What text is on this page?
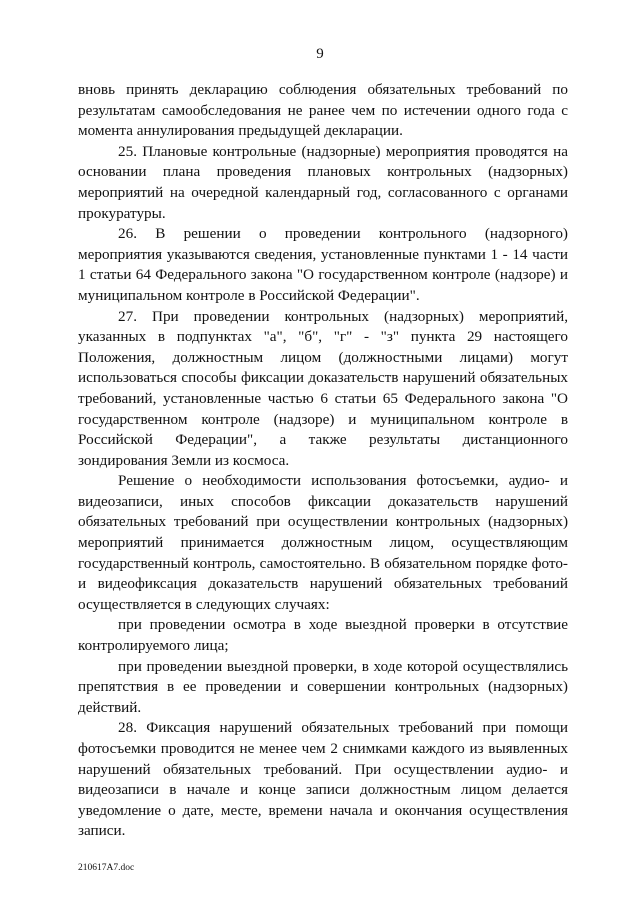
9

вновь принять декларацию соблюдения обязательных требований по результатам самообследования не ранее чем по истечении одного года с момента аннулирования предыдущей декларации.

25. Плановые контрольные (надзорные) мероприятия проводятся на основании плана проведения плановых контрольных (надзорных) мероприятий на очередной календарный год, согласованного с органами прокуратуры.

26. В решении о проведении контрольного (надзорного) мероприятия указываются сведения, установленные пунктами 1 - 14 части 1 статьи 64 Федерального закона "О государственном контроле (надзоре) и муниципальном контроле в Российской Федерации".

27. При проведении контрольных (надзорных) мероприятий, указанных в подпунктах "а", "б", "г" - "з" пункта 29 настоящего Положения, должностным лицом (должностными лицами) могут использоваться способы фиксации доказательств нарушений обязательных требований, установленные частью 6 статьи 65 Федерального закона "О государственном контроле (надзоре) и муниципальном контроле в Российской Федерации", а также результаты дистанционного зондирования Земли из космоса.

Решение о необходимости использования фотосъемки, аудио- и видеозаписи, иных способов фиксации доказательств нарушений обязательных требований при осуществлении контрольных (надзорных) мероприятий принимается должностным лицом, осуществляющим государственный контроль, самостоятельно. В обязательном порядке фото- и видеофиксация доказательств нарушений обязательных требований осуществляется в следующих случаях:

при проведении осмотра в ходе выездной проверки в отсутствие контролируемого лица;

при проведении выездной проверки, в ходе которой осуществлялись препятствия в ее проведении и совершении контрольных (надзорных) действий.

28. Фиксация нарушений обязательных требований при помощи фотосъемки проводится не менее чем 2 снимками каждого из выявленных нарушений обязательных требований. При осуществлении аудио- и видеозаписи в начале и конце записи должностным лицом делается уведомление о дате, месте, времени начала и окончания осуществления записи.

210617A7.doc
